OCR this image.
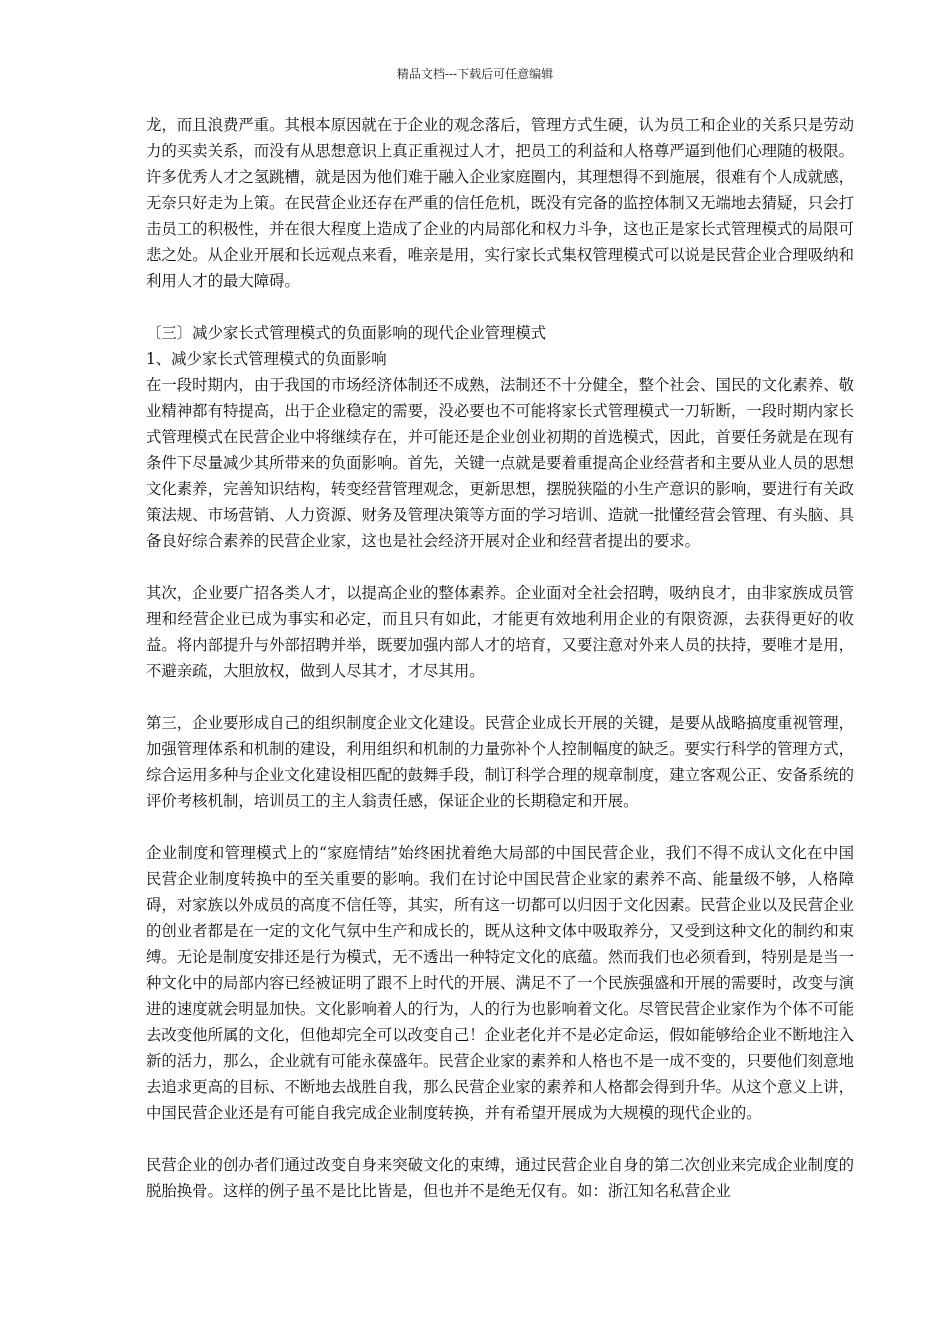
精品文档---下载后可任意编辑

龙，而且浪费严重。其根本原因就在于企业的观念落后，管理方式生硬，认为员工和企业的关系只是劳动力的买卖关系，而没有从思想意识上真正重视过人才，把员工的利益和人格尊严逼到他们心理随的极限。许多优秀人才之氢跳槽，就是因为他们难于融入企业家庭圈内，其理想得不到施展，很难有个人成就感，无奈只好走为上策。在民营企业还存在严重的信任危机，既没有完备的监控体制又无端地去猜疑，只会打击员工的积极性，并在很大程度上造成了企业的内局部化和权力斗争，这也正是家长式管理模式的局限可悲之处。从企业开展和长远观点来看，唯亲是用，实行家长式集权管理模式可以说是民营企业合理吸纳和利用人才的最大障碍。

〔三〕减少家长式管理模式的负面影响的现代企业管理模式

1、减少家长式管理模式的负面影响

在一段时期内，由于我国的市场经济体制还不成熟，法制还不十分健全，整个社会、国民的文化素养、敬业精神都有特提高，出于企业稳定的需要，没必要也不可能将家长式管理模式一刀斩断，一段时期内家长式管理模式在民营企业中将继续存在，并可能还是企业创业初期的首选模式，因此，首要任务就是在现有条件下尽量减少其所带来的负面影响。首先，关键一点就是要着重提高企业经营者和主要从业人员的思想文化素养，完善知识结构，转变经营管理观念，更新思想，摆脱狭隘的小生产意识的影响，要进行有关政策法规、市场营销、人力资源、财务及管理决策等方面的学习培训、造就一批懂经营会管理、有头脑、具备良好综合素养的民营企业家，这也是社会经济开展对企业和经营者提出的要求。

其次，企业要广招各类人才，以提高企业的整体素养。企业面对全社会招聘，吸纳良才，由非家族成员管理和经营企业已成为事实和必定，而且只有如此，才能更有效地利用企业的有限资源，去获得更好的收益。将内部提升与外部招聘并举，既要加强内部人才的培育，又要注意对外来人员的扶持，要唯才是用，不避亲疏，大胆放权，做到人尽其才，才尽其用。

第三，企业要形成自己的组织制度企业文化建设。民营企业成长开展的关键，是要从战略搞度重视管理，加强管理体系和机制的建设，利用组织和机制的力量弥补个人控制幅度的缺乏。要实行科学的管理方式，综合运用多种与企业文化建设相匹配的鼓舞手段，制订科学合理的规章制度，建立客观公正、安备系统的评价考核机制，培训员工的主人翁责任感，保证企业的长期稳定和开展。

企业制度和管理模式上的“家庭情结”始终困扰着绝大局部的中国民营企业，我们不得不成认文化在中国民营企业制度转换中的至关重要的影响。我们在讨论中国民营企业家的素养不高、能量级不够，人格障碍，对家族以外成员的高度不信任等，其实，所有这一切都可以归因于文化因素。民营企业以及民营企业的创业者都是在一定的文化气氛中生产和成长的，既从这种文体中吸取养分，又受到这种文化的制约和束缚。无论是制度安排还是行为模式，无不透出一种特定文化的底蕴。然而我们也必须看到，特别是是当一种文化中的局部内容已经被证明了跟不上时代的开展、满足不了一个民族强盛和开展的需要时，改变与演进的速度就会明显加快。文化影响着人的行为，人的行为也影响着文化。尽管民营企业家作为个体不可能去改变他所属的文化，但他却完全可以改变自己！企业老化并不是必定命运，假如能够给企业不断地注入新的活力，那么，企业就有可能永葆盛年。民营企业家的素养和人格也不是一成不变的，只要他们刻意地去追求更高的目标、不断地去战胜自我，那么民营企业家的素养和人格都会得到升华。从这个意义上讲，中国民营企业还是有可能自我完成企业制度转换，并有希望开展成为大规模的现代企业的。

民营企业的创办者们通过改变自身来突破文化的束缚，通过民营企业自身的第二次创业来完成企业制度的脱胎换骨。这样的例子虽不是比比皆是，但也并不是绝无仅有。如：浙江知名私营企业
